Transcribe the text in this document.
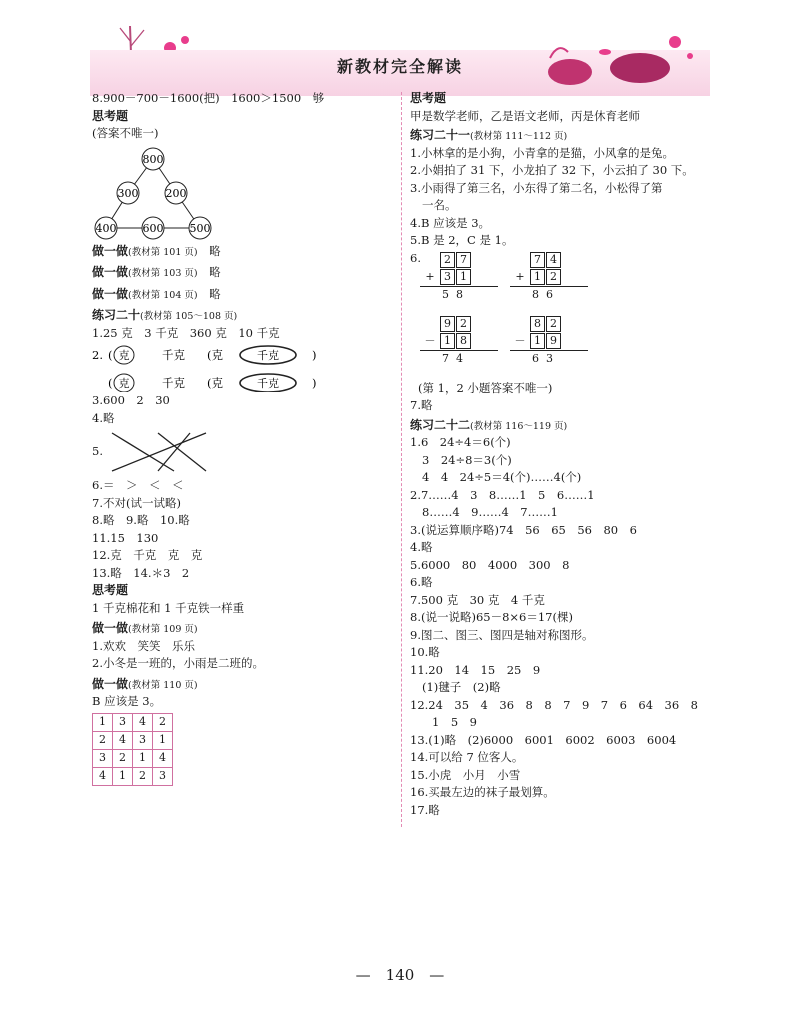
新教材完全解读
8.900－700－1600(把)　1600＞1500　够
思考题
(答案不唯一)
800
300 200
400 600 500
做一做(教材第 101 页)　 略
做一做(教材第 103 页)　 略
做一做(教材第 104 页)　 略
练习二十(教材第 105～108 页)
1.25 克　3 千克　360 克　10 千克
2. ( 克	千克 (克	千克	)
( 克	千克 (克	千克	)
3.600　2　30
4.略
5.
6.＝　＞　＜　＜
7.不对(试一试略)
8.略　9.略　10.略
11.15　130
12.克　千克　克　克
13.略　14.＊3　2
思考题
1 千克棉花和 1 千克铁一样重
做一做(教材第 109 页)
1.欢欢　笑笑　乐乐
2.小冬是一班的，小雨是二班的。
做一做(教材第 110 页)
B 应该是 3。
1	3	4	2
2	4	3	1
3	2	1	4
4	1	2	3
思考题
甲是数学老师，乙是语文老师，丙是休育老师
练习二十一(教材第 111～112 页)
1.小林拿的是小狗，小青拿的是猫，小风拿的是兔。
2.小娟拍了 31 下，小龙拍了 32 下，小云拍了 30 下。
3.小雨得了第三名，小东得了第二名，小松得了第
一名。
4.B 应该是 3。
5.B 是 2，C 是 1。
6.	2 7
+ 3 1
5  8
7 4
+ 1 2
8  6
9 2
－ 1 8
7  4
8 2
－ 1 9
6  3
(第 1，2 小题答案不唯一)
7.略
练习二十二(教材第 116～119 页)
1.6　24÷4＝6(个)
3　24÷8＝3(个)
4　4　24÷5＝4(个)……4(个)
2.7……4　3　8……1　5　6……1
8……4　9……4　7……1
3.(说运算顺序略)74　56　65　56　80　6
4.略
5.6000　80　4000　300　8
6.略
7.500 克　30 克　4 千克
8.(说一说略)65－8×6＝17(棵)
9.图二、图三、图四是轴对称图形。
10.略
11.20　14　15　25　9
(1)毽子　(2)略
12.24　35　4　36　8　8　7　9　7　6　64　36　8
1　5　9
13.(1)略　(2)6000　6001　6002　6003　6004
14.可以给 7 位客人。
15.小虎　小月　小雪
16.买最左边的袜子最划算。
17.略
—　140　—
